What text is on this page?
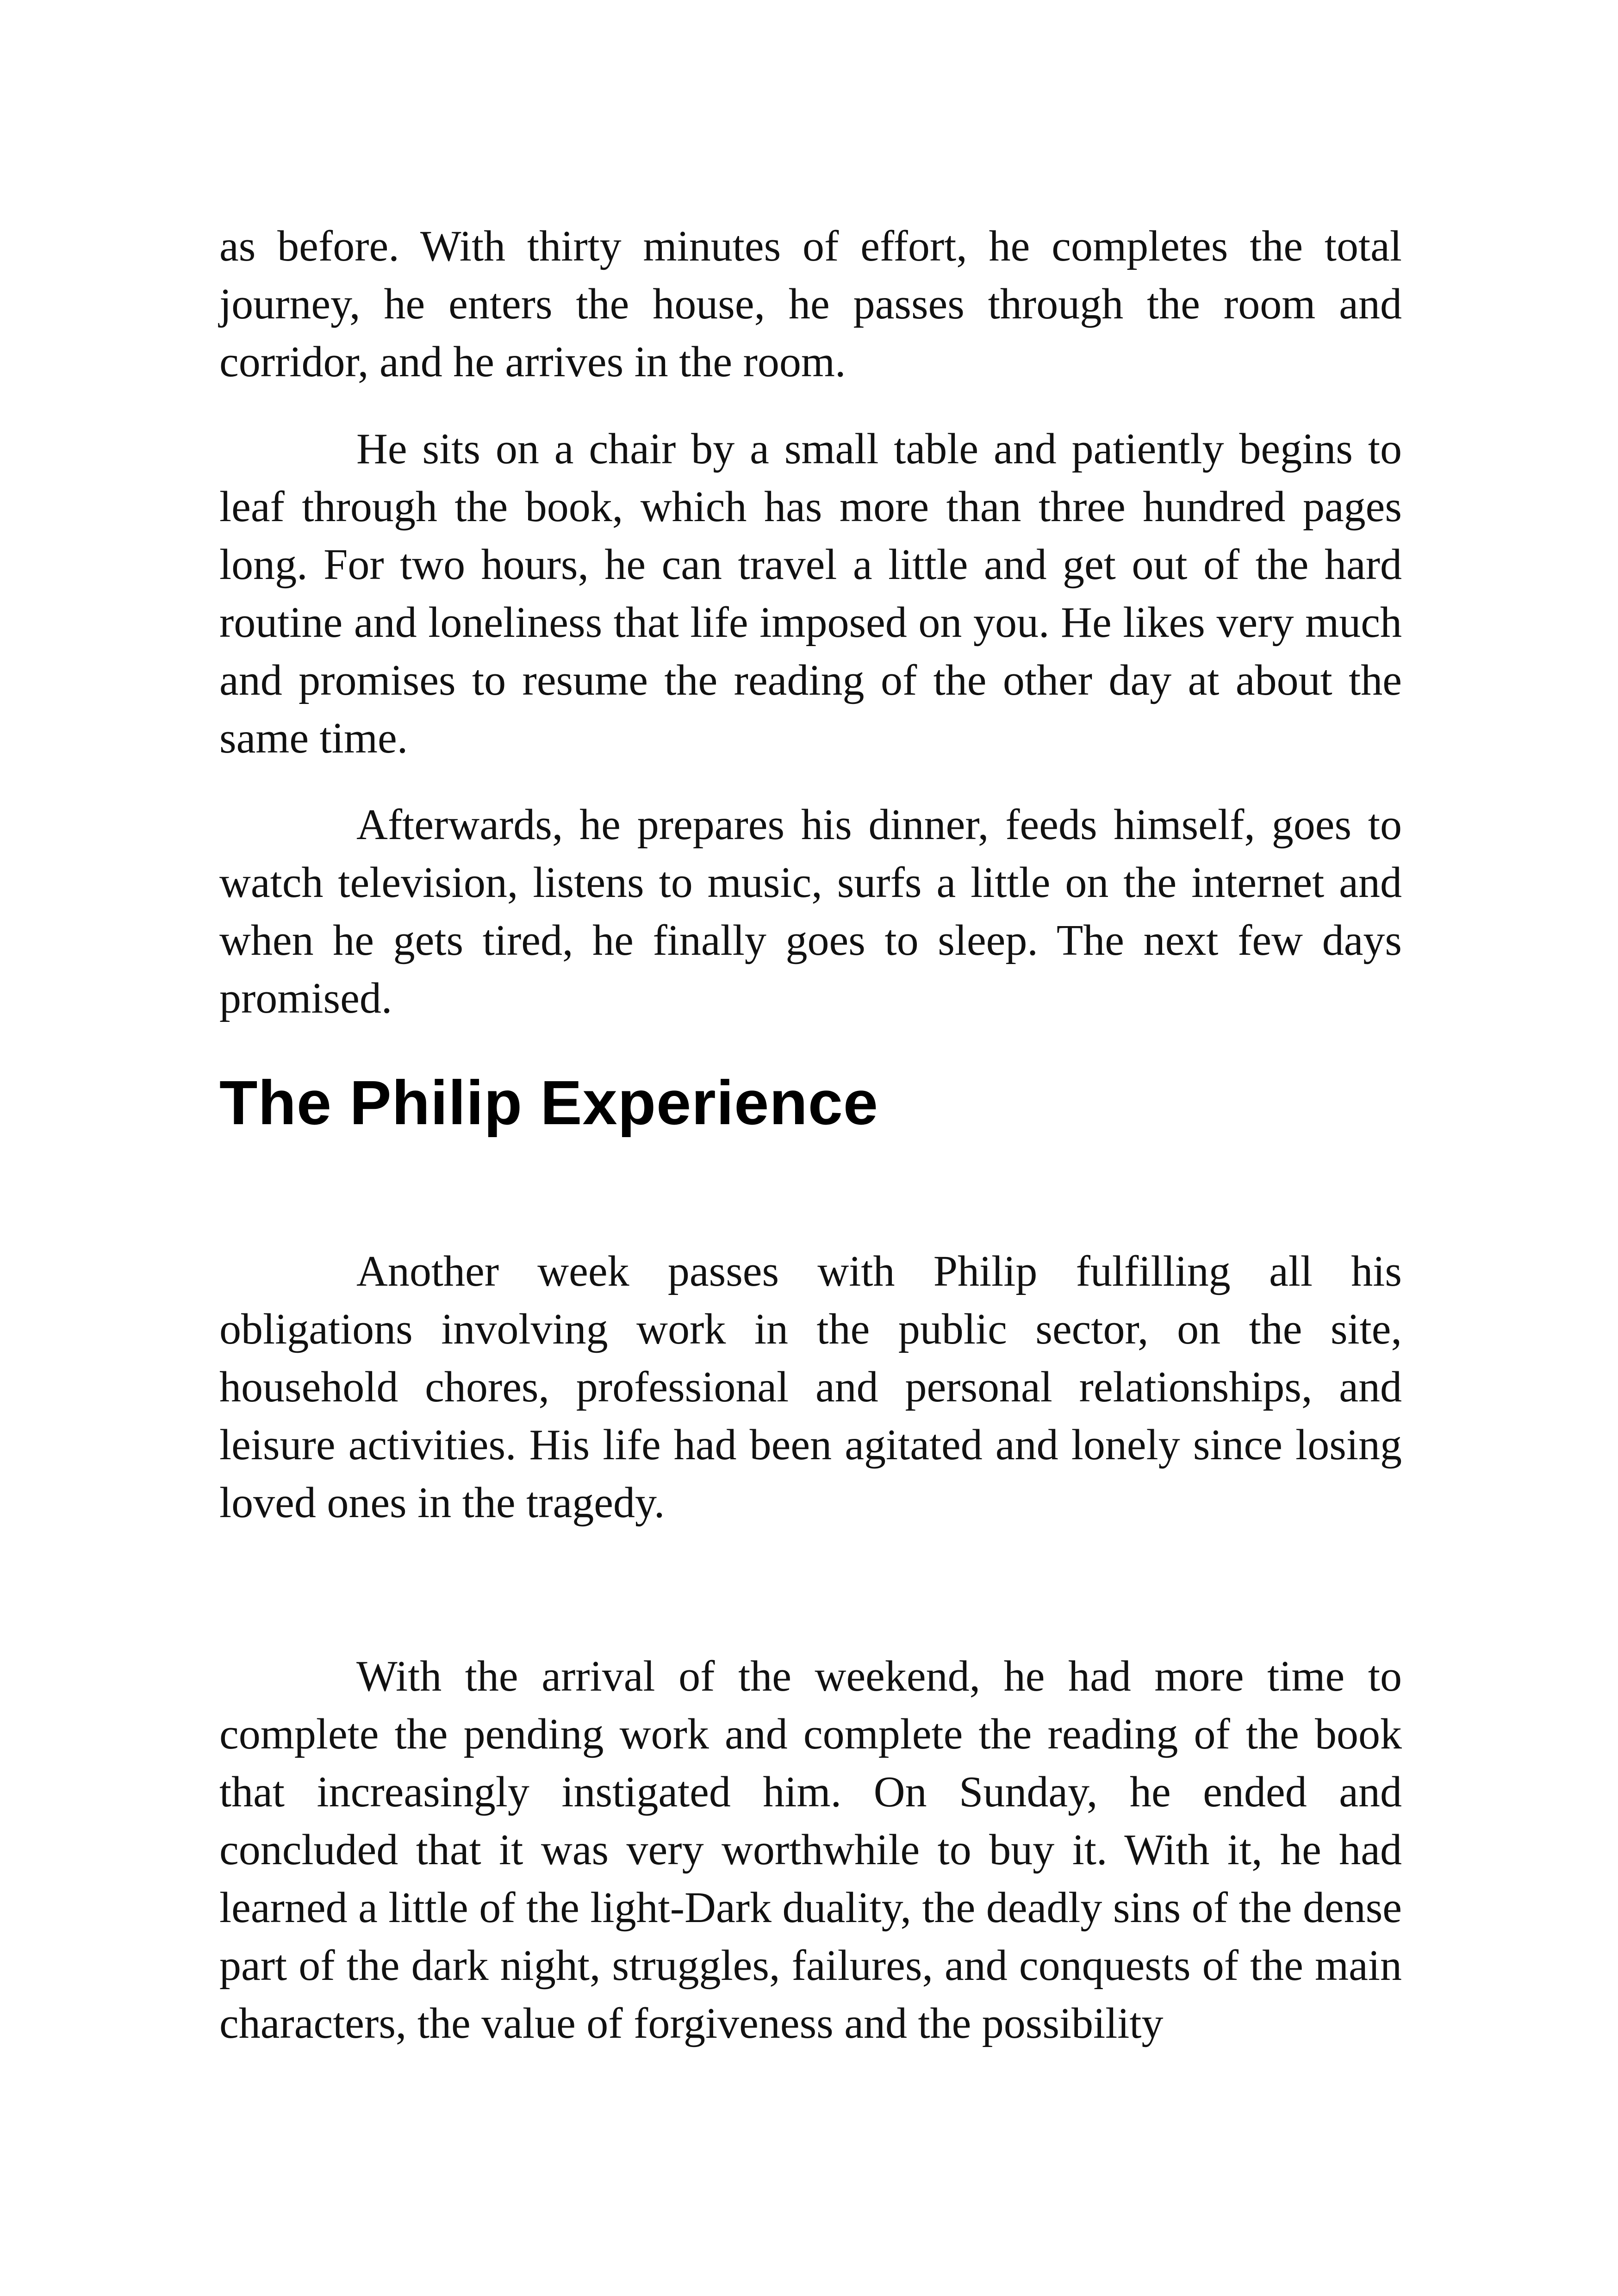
as before. With thirty minutes of effort, he completes the total journey, he enters the house, he passes through the room and corridor, and he arrives in the room.

He sits on a chair by a small table and patiently begins to leaf through the book, which has more than three hundred pages long. For two hours, he can travel a little and get out of the hard routine and loneliness that life imposed on you. He likes very much and promises to resume the reading of the other day at about the same time.

Afterwards, he prepares his dinner, feeds himself, goes to watch television, listens to music, surfs a little on the internet and when he gets tired, he finally goes to sleep. The next few days promised.

The Philip Experience

Another week passes with Philip fulfilling all his obligations involving work in the public sector, on the site, household chores, professional and personal relationships, and leisure activities. His life had been agitated and lonely since losing loved ones in the tragedy.

With the arrival of the weekend, he had more time to complete the pending work and complete the reading of the book that increasingly instigated him. On Sunday, he ended and concluded that it was very worthwhile to buy it. With it, he had learned a little of the light-Dark duality, the deadly sins of the dense part of the dark night, struggles, failures, and conquests of the main characters, the value of forgiveness and the possibility
